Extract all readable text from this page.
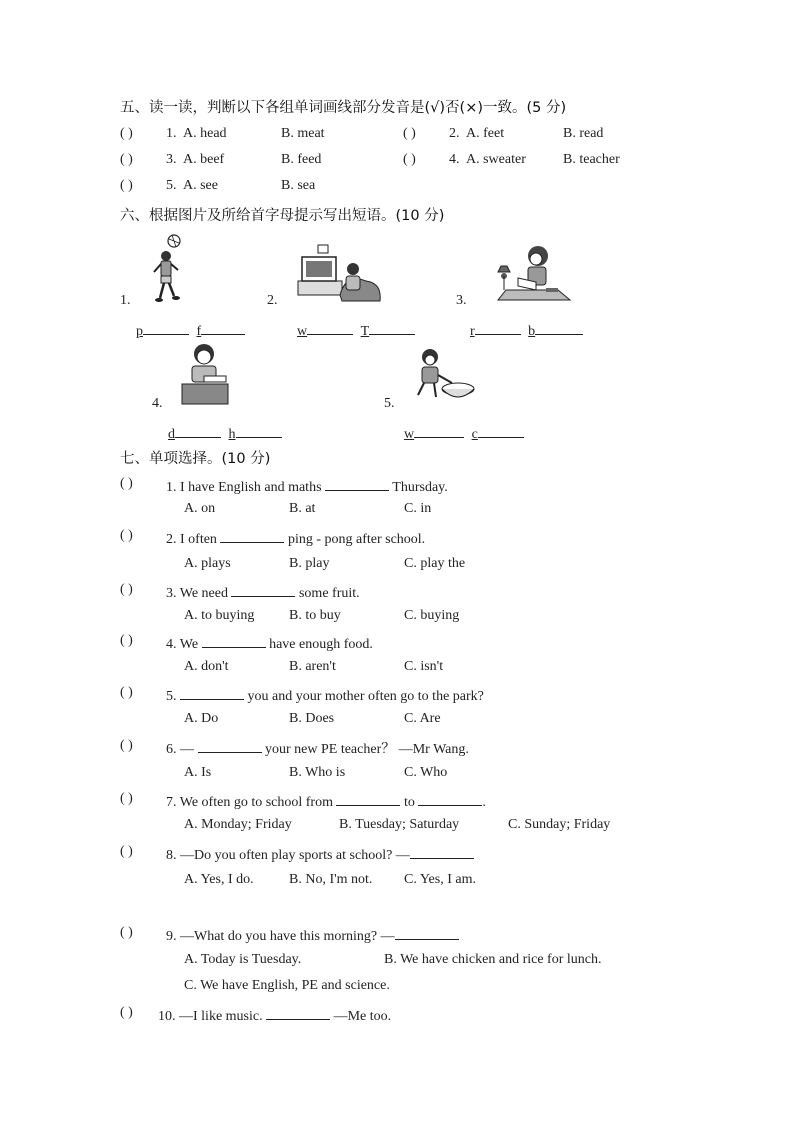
五、读一读，判断以下各组单词画线部分发音是(√)否(×)一致。(5 分)
( ) 1. A. head	B. meat	( ) 2. A. feet	B. read
( ) 3. A. beef	B. feed	( ) 4. A. sweater	B. teacher
( ) 5. A. see	B. sea
六、根据图片及所给首字母提示写出短语。(10 分)
1.
p	f
2.
w	T
3.
r	b
4.
d	h
5.
w	c
七、单项选择。(10 分)
( ) 1. I have English and maths	Thursday.
A. on	B. at	C. in
( ) 2. I often	ping - pong after school.
A. plays	B. play	C. play the
( ) 3. We need	some fruit.
A. to buying B. to buy	C. buying
( ) 4. We	have enough food.
A. don't	B. aren't	C. isn't
( ) 5.	you and your mother often go to the park?
A. Do	B. Does	C. Are
( ) 6. —	your new PE teacher？ —Mr Wang.
A. Is	B. Who is	C. Who
( ) 7. We often go to school from	to	.
A. Monday; Friday	B. Tuesday; Saturday	C. Sunday; Friday
( ) 8. —Do you often play sports at school? —
A. Yes, I do.	B. No, I'm not. C. Yes, I am.
( ) 9. —What do you have this morning? —
A. Today is Tuesday.	B. We have chicken and rice for lunch.
C. We have English, PE and science.
( ) 10. —I like music.	—Me too.
